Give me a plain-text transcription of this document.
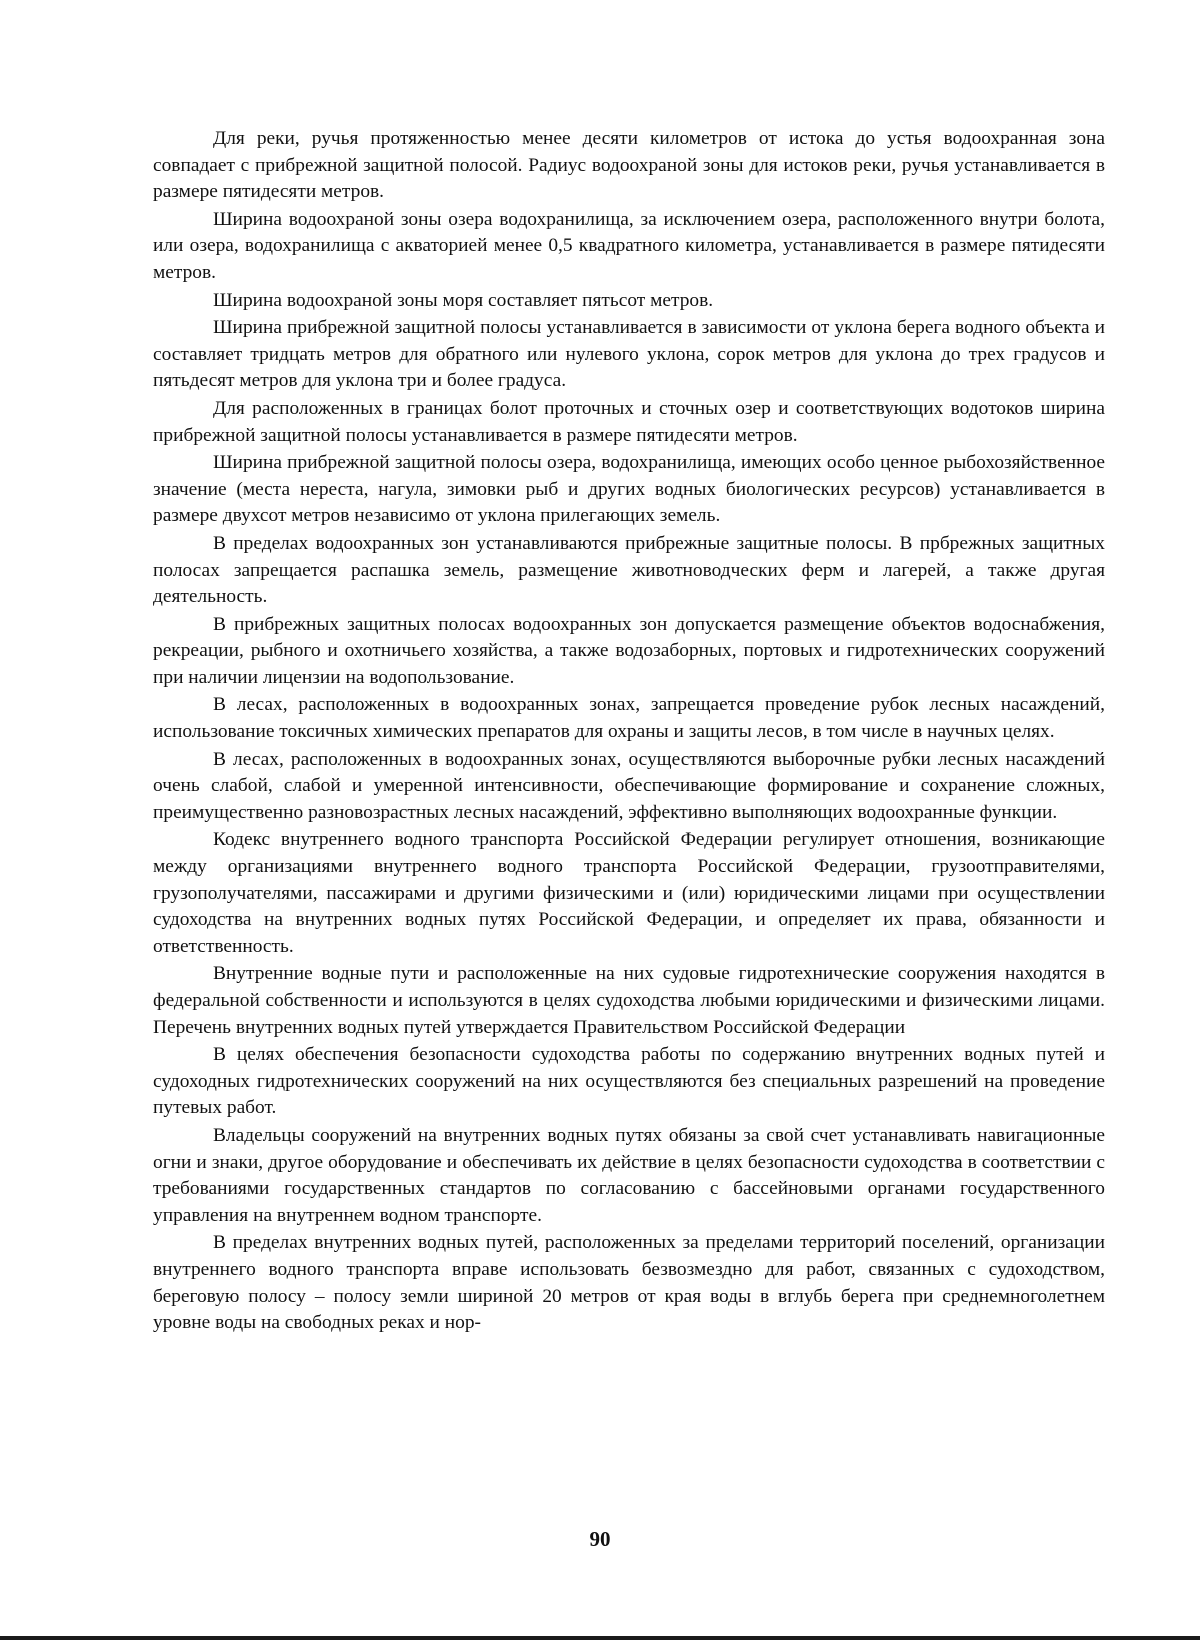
Для реки, ручья протяженностью менее десяти километров от истока до устья водоохранная зона совпадает с прибрежной защитной полосой. Радиус водоохраной зоны для истоков реки, ручья устанавливается в размере пятидесяти метров.

Ширина водоохраной зоны озера водохранилища, за исключением озера, расположенного внутри болота, или озера, водохранилища с акваторией менее 0,5 квадратного километра, устанавливается в размере пятидесяти метров.

Ширина водоохраной зоны моря составляет пятьсот метров.

Ширина прибрежной защитной полосы устанавливается в зависимости от уклона берега водного объекта и составляет тридцать метров для обратного или нулевого уклона, сорок метров для уклона до трех градусов и пятьдесят метров для уклона три и более градуса.

Для расположенных в границах болот проточных и сточных озер и соответствующих водотоков ширина прибрежной защитной полосы устанавливается в размере пятидесяти метров.

Ширина прибрежной защитной полосы озера, водохранилища, имеющих особо ценное рыбохозяйственное значение (места нереста, нагула, зимовки рыб и других водных биологических ресурсов) устанавливается в размере двухсот метров независимо от уклона прилегающих земель.

В пределах водоохранных зон устанавливаются прибрежные защитные полосы. В прбрежных защитных полосах запрещается распашка земель, размещение животноводческих ферм и лагерей, а также другая деятельность.

В прибрежных защитных полосах водоохранных зон допускается размещение объектов водоснабжения, рекреации, рыбного и охотничьего хозяйства, а также водозаборных, портовых и гидротехнических сооружений при наличии лицензии на водопользование.

В лесах, расположенных в водоохранных зонах, запрещается проведение рубок лесных насаждений, использование токсичных химических препаратов для охраны и защиты лесов, в том числе в научных целях.

В лесах, расположенных в водоохранных зонах, осуществляются выборочные рубки лесных насаждений очень слабой, слабой и умеренной интенсивности, обеспечивающие формирование и сохранение сложных, преимущественно разновозрастных лесных насаждений, эффективно выполняющих водоохранные функции.

Кодекс внутреннего водного транспорта Российской Федерации регулирует отношения, возникающие между организациями внутреннего водного транспорта Российской Федерации, грузоотправителями, грузополучателями, пассажирами и другими физическими и (или) юридическими лицами при осуществлении судоходства на внутренних водных путях Российской Федерации, и определяет их права, обязанности и ответственность.

Внутренние водные пути и расположенные на них судовые гидротехнические сооружения находятся в федеральной собственности и используются в целях судоходства любыми юридическими и физическими лицами. Перечень внутренних водных путей утверждается Правительством Российской Федерации

В целях обеспечения безопасности судоходства работы по содержанию внутренних водных путей и судоходных гидротехнических сооружений на них осуществляются без специальных разрешений на проведение путевых работ.

Владельцы сооружений на внутренних водных путях обязаны за свой счет устанавливать навигационные огни и знаки, другое оборудование и обеспечивать их действие в целях безопасности судоходства в соответствии с требованиями государственных стандартов по согласованию с бассейновыми органами государственного управления на внутреннем водном транспорте.

В пределах внутренних водных путей, расположенных за пределами территорий поселений, организации внутреннего водного транспорта вправе использовать безвозмездно для работ, связанных с судоходством, береговую полосу – полосу земли шириной 20 метров от края воды в вглубь берега при среднемноголетнем уровне воды на свободных реках и нор-

90
